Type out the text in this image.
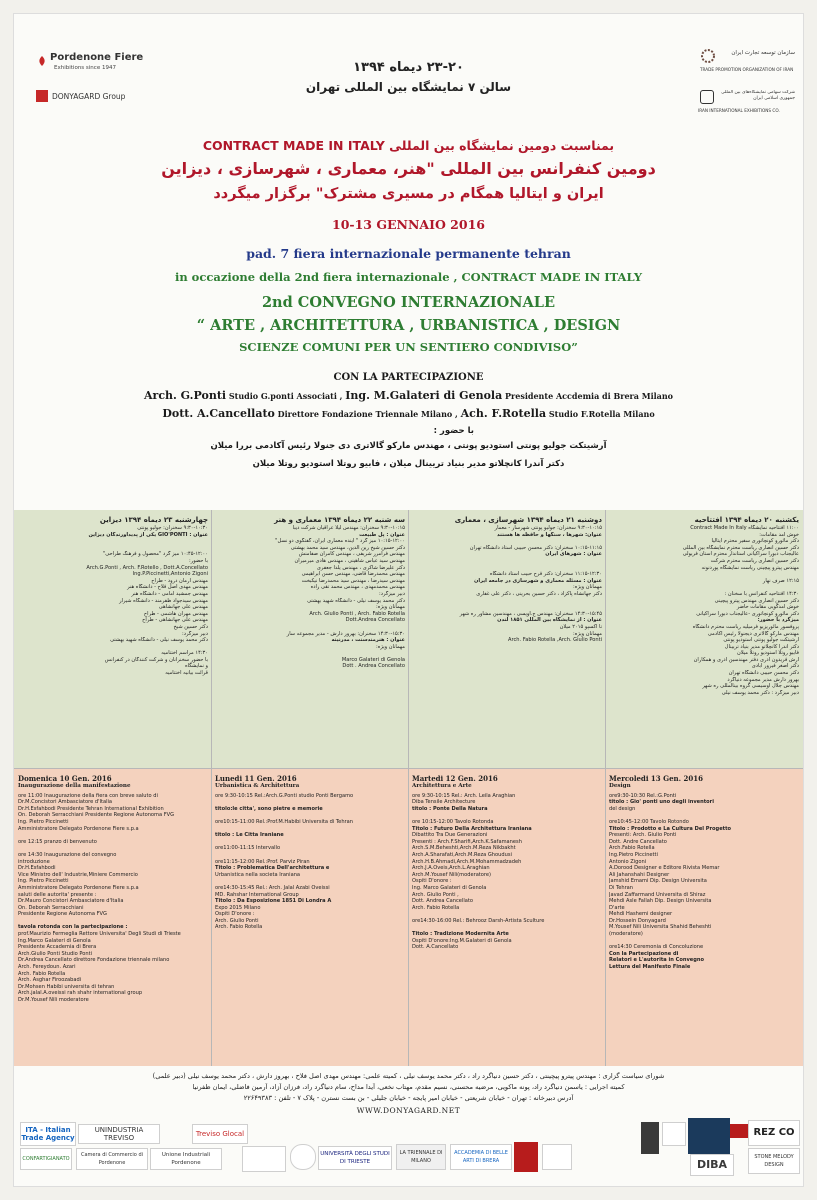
Pordenone Fiere
Exhibitions since 1947
DONYAGARD Group
۲۳-۲۰ دیماه ۱۳۹۴
سالن ۷ نمایشگاه بین المللی تهران
سازمان توسعه تجارت ایران
TRADE PROMOTION ORGANIZATION OF IRAN
شرکت سهامی نمایشگاه‌های بین المللی جمهوری اسلامی ایران
IRAN INTERNATIONAL EXHIBITIONS CO.
بمناسبت دومین نمایشگاه بین المللی CONTRACT MADE IN ITALY
دومین کنفرانس بین المللی "هنر، معماری ، شهرسازی ، دیزاین
ایران و ایتالیا همگام در مسیری مشترک" برگزار میگردد
10-13 GENNAIO 2016
pad. 7 fiera internazionale permanente tehran
in occazione della 2nd fiera internazionale , CONTRACT MADE IN ITALY
2nd CONVEGNO INTERNAZIONALE
“ ARTE , ARCHITETTURA , URBANISTICA , DESIGN
SCIENZE COMUNI PER UN SENTIERO CONDIVISO”
CON LA PARTECIPAZIONE
Arch. G.Ponti Studio G.ponti Associati , Ing. M.Galateri di Genola Presidente Accdemia di Brera Milano
Dott. A.Cancellato Direttore Fondazione Triennale Milano , Ach. F.Rotella Studio F.Rotella Milano
با حضور :
آرشیتکت جولیو پونتی استودیو پونتی ، مهندس مارکو گالاتری دی جنولا رئیس آکادمی بررا میلان
دکتر آندرا کانچلاتو مدیر بنیاد تریینال میلان ، فابیو روتلا استودیو روتلا میلان
یکشنبه ۲۰ دیماه ۱۳۹۴ افتتاحیه
۱۱:۰۰ افتتاحیه نمایشگاه Contract Made In Italy
خوش آمد مقامات:
دکتر مائورو کونچاتوری سفیر محترم ایتالیا
دکتر حسین انصاری ریاست محترم نمایشگاه بین المللی
عالیجناب دبورا سراکیانی استاندار محترم استان فریولی
دکتر حسین انصاری ریاست محترم شرکت
مهندس پیترو پیچینی ریاست نمایشگاه پوردنونه

۱۲:۱۵ صرف نهار

۱۴:۳۰ افتتاحیه کنفرانس با سخنان :
دکتر حسین انصاری مهندس پیترو پیچینی
خوش آمدگویی مقامات حاضر
دکتر مائورو کونچاتوری -عالیجناب دبورا سراکیانی
میزگرد با حضور:
پروفسور مائوریزیو فرمیلیه ریاست محترم دانشگاه
مهندس مارکو گالاتری دیجنولا رئیس آکادمی
آرشیتکت جولیو پونتی استودیو پونتی
دکتر آندرا کانچلاتو مدیر بنیاد تریینال
فابیو روتلا استودیو روتلا میلان
آرش فریدون آذری دفتر مهندسین آذری و همکاران
دکتر اصغر فیروز آبادی
دکتر محسن حبیبی دانشگاه تهران
بهروز دارش مدیر مجموعه دنیاگرد
مهندس جلال اوسیسی گروه بینالمللی ره شهر
دبیر میزگرد : دکتر محمد یوسف نیلی
دوشنبه ۲۱ دیماه ۱۳۹۴ شهرسازی ، معماری
۹:۳۰-۱۰:۱۵ سخنران: جولیو پونتی شهرساز - معمار
عنوان: شهرها ، سنگها و حافظه ها هستند

۱۰:۱۵-۱۱:۱۵ سخنران: دکتر محسن حبیبی استاد دانشگاه تهران
عنوان : شهرهای ایران

۱۱:۱۵-۱۲:۳۰ سخنران: دکتر فرح حبیب استاد دانشگاه
عنوان : مسئله معماری و شهرسازی در جامعه ایران
مهمانان ویژه:
دکتر جهانشاه پاکزاد ، دکتر حسین بحرینی ، دکتر علی غفاری

۱۴:۳۰-۱۵:۴۵ سخنران: مهندس ج.اویسی ، مهندسین مشاور ره شهر
عنوان : از نمایشگاه بین المللی ۱۸۵۱ لندن
تا اکسپو ۲۰۱۵ میلان
مهمانان ویژه:
Arch. Fabio Rotella ,Arch. Giulio Ponti
سه شنبه ۲۲ دیماه ۱۳۹۴ معماری و هنر
۹:۳۰-۱۰:۱۵ سخنران: مهندس لیلا عراقیان شرکت دیبا
عنوان : پل طبیعت
۱۰:۱۵-۱۲:۰۰ میز گرد " آینده معماری ایران، گفتگوی دو نسل"
دکتر حسین شیخ زین الدین، مهندس سید محمد بهشتی
مهندس فرامرز شریفی ، مهندس کامران صفامنش
مهندس سید عباس شاهینی ، مهندس هادی میرمیران
دکتر علیرضا شاکری ، مهندس یلدا جعفری
مهندس محمدرضا قاضی، مهندس حسن ابراهیمی
مهندس سیدرضا ، مهندس سید محمدرضا نیکبخت
مهندس محمدمهدی ، مهندس محمد تقی زاده
دبیر میزگرد:
دکتر محمد یوسف نیلی - دانشگاه شهید بهشتی
مهمانان ویژه:
Arch. Giulio Ponti , Arch. Fabio Rotella
Dott.Andrea Concellato

۱۴:۳۰-۱۵:۳۰ سخنران: بهروز دارش - مدیر مجموعه ساز
عنوان : هنرمندسنت ، مدرنیته
مهمانان ویژه:

Marco Galateri di Genola
Dott . Andrea Concellato
چهارشنبه ۲۳ دیماه ۱۳۹۴ دیزاین
۹:۳۰-۱۰:۳۰ سخنران: جولیو پونتی
عنوان : GIO'PONTI یکی از پدیدآورندگان دیزاین

۱۰:۴۵-۱۲:۰۰ میز گرد "محصول و فرهنگ طراحی"
با حضور:
Arch.G.Ponti , Arch. F.Rotello , Dott.A.Concellato
Ing.P.Piccinetti,Antonio Zigoni
مهندس آرمان درود - طراح
مهندس مهدی اصل فلاح - دانشگاه هنر
مهندس جمشید امامی - دانشگاه هنر
مهندس سیدجواد ظفرمند - دانشگاه شیراز
مهندس علی جهانشاهی
مهندس مهران هاشمی - طراح
مهندس علی جهانشاهی - طراح
دکتر حسین شیخ
دبیر میزگرد:
دکتر محمد یوسف نیلی - دانشگاه شهید بهشتی

۱۴:۳۰ مراسم اختتامیه
با حضور سخنرانان و شرکت کنندگان در کنفرانس
و نمایشگاه
قرائت بیانیه اختتامیه
Domenica 10 Gen. 2016
Inaugurazione della manifestazione
ore 11:00 Inaugurazione della fiera con breve saluto di
Dr.M.Concistori Ambasciatore d'Italia
Dr.H.Esfahbodi Presidente Tehran International Exhibition
On. Deborah Serracchiani Presidente Regione Autonoma FVG
Ing. Pietro Piccinetti
Amministratore Delegato Pordenone Fiere s.p.a

ore 12:15 pranzo di benvenuto

ore 14:30 Inaugurazione del convegno
introduzione
Dr.H.Esfahbodi
Vice Ministro dell' Industrie,Miniere Commercio
Ing. Pietro Piccinetti
Amministratore Delegato Pordenone Fiere s.p.a
saluti delle autorita' presente :
Dr.Mauro Concistori Ambasciatore d'Italia
On. Deborah Serracchiani
Presidente Regione Autonoma FVG

tavola rotonda con la partecipazione :
prof.Maurizio Fermeglia Rettore Universita' Degli Studi di Trieste
Ing.Marco Galateri di Genola
Presidente Accademia di Brera
Arch.Giulio Ponti Studio Ponti
Dr.Andrea Cancellato direttore Fondazione triennale milano
Arch. Fereydoun. Azari
Arch. Fabio Rotella
Arch. Asghar Firoozabadi
Dr.Mohsen Habibi universita di tehran
Arch.jalal.A.oveissi rah shahr international group
Dr.M.Yousef Nili moderatore
Lunedi 11 Gen. 2016
Urbanistica & Architettura
ore 9:30-10:15 Rel.:Arch.G.Ponti studio Ponti Bergamo

titolo:le citta', sono pietre e memorie

ore10:15-11:00 Rel.:Prof.M.Habibi Universita di Tehran

titolo : Le Citta Iraniane

ore11:00-11:15 Intervallo

ore11:15-12:00 Rel.:Prof. Parviz Piran
Titolo : Problematica Dell'architettura e
Urbanistica nella societa Iraniana

ore14:30-15:45 Rel.: Arch. Jalal Azabi Oveissi
MD. Rahshar International Group
Titolo : Da Esposizione 1851 Di Londra A
Expo 2015 Milano
Ospiti D'onore :
Arch. Giulio Ponti
Arch. Fabio Rotella
Martedi 12 Gen. 2016
Architettura e Arte
ore 9:30-10:15 Rel.: Arch. Leila Araghian
Diba Tensile Architecture
titolo : Ponte Della Natura

ore 10:15-12:00 Tavolo Rotonda
Titolo : Futuro Della Architettura Iraniana
Dibattito Tra Due Generazioni
Presenti : Arch.F.Sharifi,Arch.K.Safamanesh
Arch.S.M.Beheshti,Arch.M.Reza Nikbakht
Arch.A.Sharafati,Arch.M.Reza Ghoudusi
Arch.H.B.Ahmadi,Arch.M.Mohammadzadeh
Arch.J.A.Oveis,Arch.L.Araghian
Arch.M.Yousef Nili(moderatore)
Ospiti D'onore :
Ing. Marco Galateri di Genola
Arch. Giulio Ponti ,
Dott. Andrea Cancellato
Arch. Fabio Rotella

ore14:30-16:00 Rel.: Behrooz Darsh-Artista Sculture

Titolo : Tradizione Modernita Arte
Ospiti D'onore:Ing.M.Galateri di Genola
Dott. A.Cancellato
Mercoledi 13 Gen. 2016
Design
ore9:30-10:30 Rel.:G.Ponti
titolo : Gio' ponti uno degli inventori
del design

ore10:45-12:00 Tavolo Rotondo
Titolo : Prodotto e La Cultura Del Progetto
Presenti: Arch. Giulio Ponti
Dott. Andre Cancellato
Arch.Fabio Rotella
Ing.Pietro Piccinetti
Antonio Zigoni
A.Dorood Designer e Editore Rivista Memar
Ali Jahanshahi Designer
Jamshid Emami Dip. Design Universita
Di Tehran
Javad Zaffarmand Universita di Shiraz
Mehdi Asle Fallah Dip. Design Universita
D'arte
Mehdi Hashemi designer
Dr.Hossein Donyagard
M.Yousef Nili Universita Shahid Beheshti
(moderatore)

ore14:30 Ceremonia di Concoluzione
Con la Partecipazione di
Relatori e L'autorita in Convegno
Lettura del Manifesto Finale
شورای سیاست گزاری : مهندس پیترو پیچینتی ، دکتر حسین دنیاگرد راد ، دکتر محمد یوسف نیلی ، کمیته علمی: مهندس مهدی اصل فلاح ، بهروز دارش ، دکتر محمد یوسف نیلی (دبیر علمی)
کمیته اجرایی : یاسمن دنیاگرد راد، پونه ماکویی، مرضیه محسنی، نسیم مقدم، مهتاب نخعی، آیدا مداح، سام دنیاگرد راد، فرزان آزاد، آرمین فاضلی، ایمان ظفرنیا
آدرس دبیرخانه : تهران - خیابان شریعتی - خیابان امیر پایجه - خیابان جلیلی - بن بست نسترن - پلاک ۷ - تلفن : ۲۲۶۴۹۳۸۳
WWW.DONYAGARD.NET
ITA - Italian Trade Agency
UNINDUSTRIA TREVISO	Treviso Glocal	REZ CO
CONFARTIGIANATO
Camera di Commercio di Pordenone
Unione Industriali Pordenone
UNIVERSITÀ DEGLI STUDI DI TRIESTE
LA TRIENNALE DI MILANO
ACCADEMIA DI BELLE ARTI DI BRERA	DIBA
STONE MELODY DESIGN
